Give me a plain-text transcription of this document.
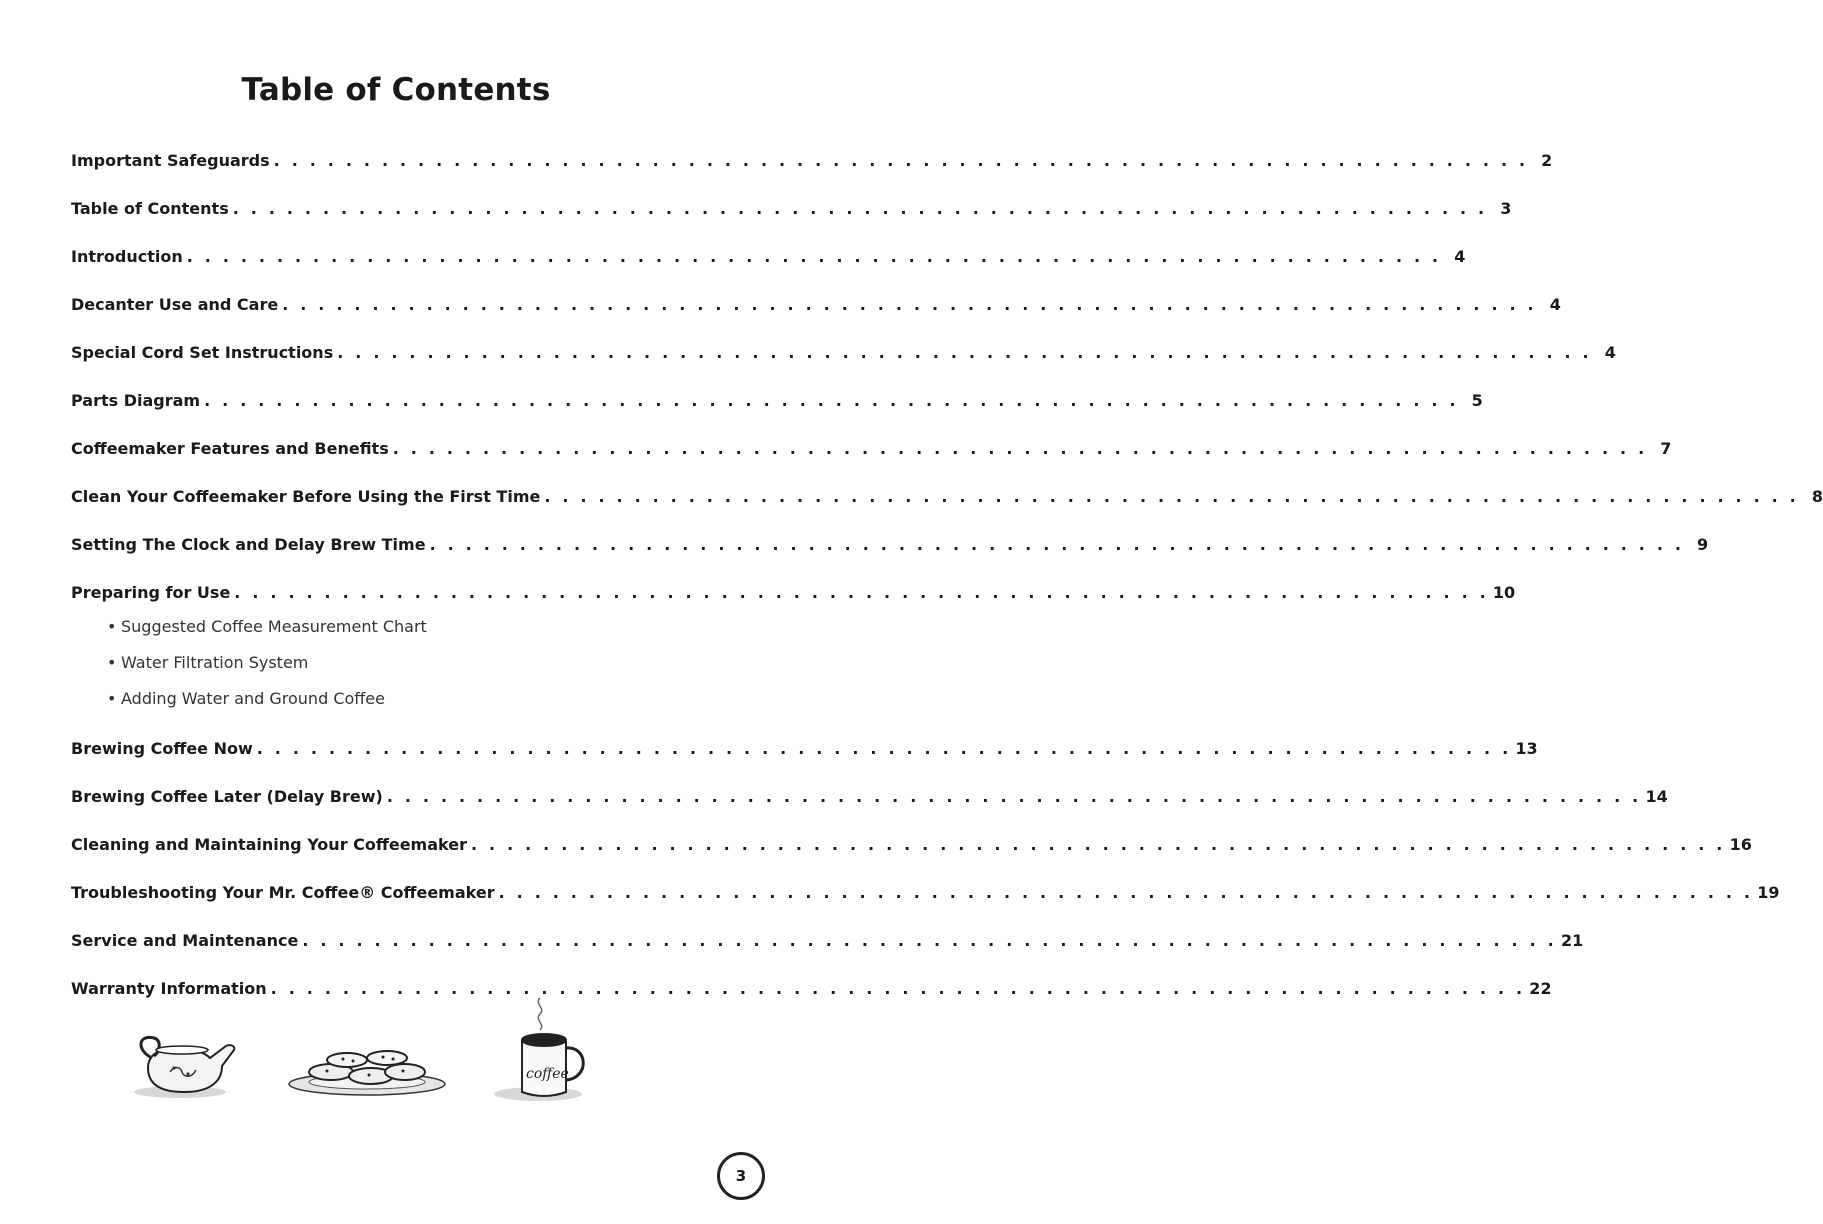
Table of Contents
Important Safeguards . . . . . . . . . . . . . . . . . . . . . . . . . . . . . . . . . . . . . . . . . . . . . . . . . . . . . . . . . . . . . . . . . . . . . . 2
Table of Contents . . . . . . . . . . . . . . . . . . . . . . . . . . . . . . . . . . . . . . . . . . . . . . . . . . . . . . . . . . . . . . . . . . . . . . 3
Introduction . . . . . . . . . . . . . . . . . . . . . . . . . . . . . . . . . . . . . . . . . . . . . . . . . . . . . . . . . . . . . . . . . . . . . . 4
Decanter Use and Care . . . . . . . . . . . . . . . . . . . . . . . . . . . . . . . . . . . . . . . . . . . . . . . . . . . . . . . . . . . . . . . . . . . . . . 4
Special Cord Set Instructions . . . . . . . . . . . . . . . . . . . . . . . . . . . . . . . . . . . . . . . . . . . . . . . . . . . . . . . . . . . . . . . . . . . . . . 4
Parts Diagram . . . . . . . . . . . . . . . . . . . . . . . . . . . . . . . . . . . . . . . . . . . . . . . . . . . . . . . . . . . . . . . . . . . . . . 5
Coffeemaker Features and Benefits . . . . . . . . . . . . . . . . . . . . . . . . . . . . . . . . . . . . . . . . . . . . . . . . . . . . . . . . . . . . . . . . . . . . . . 7
Clean Your Coffeemaker Before Using the First Time . . . . . . . . . . . . . . . . . . . . . . . . . . . . . . . . . . . . . . . . . . . . . . . . . . . . . . . . . . . . . . . . . . . . . . 8
Setting The Clock and Delay Brew Time . . . . . . . . . . . . . . . . . . . . . . . . . . . . . . . . . . . . . . . . . . . . . . . . . . . . . . . . . . . . . . . . . . . . . . 9
Preparing for Use . . . . . . . . . . . . . . . . . . . . . . . . . . . . . . . . . . . . . . . . . . . . . . . . . . . . . . . . . . . . . . . . . . . . . . 10
• Suggested Coffee Measurement Chart
• Water Filtration System
• Adding Water and Ground Coffee
Brewing Coffee Now . . . . . . . . . . . . . . . . . . . . . . . . . . . . . . . . . . . . . . . . . . . . . . . . . . . . . . . . . . . . . . . . . . . . . . 13
Brewing Coffee Later (Delay Brew) . . . . . . . . . . . . . . . . . . . . . . . . . . . . . . . . . . . . . . . . . . . . . . . . . . . . . . . . . . . . . . . . . . . . . . 14
Cleaning and Maintaining Your Coffeemaker . . . . . . . . . . . . . . . . . . . . . . . . . . . . . . . . . . . . . . . . . . . . . . . . . . . . . . . . . . . . . . . . . . . . . . 16
Troubleshooting Your Mr. Coffee® Coffeemaker . . . . . . . . . . . . . . . . . . . . . . . . . . . . . . . . . . . . . . . . . . . . . . . . . . . . . . . . . . . . . . . . . . . . . . 19
Service and Maintenance . . . . . . . . . . . . . . . . . . . . . . . . . . . . . . . . . . . . . . . . . . . . . . . . . . . . . . . . . . . . . . . . . . . . . . 21
Warranty Information . . . . . . . . . . . . . . . . . . . . . . . . . . . . . . . . . . . . . . . . . . . . . . . . . . . . . . . . . . . . . . . . . . . . . . 22
coffee
3
